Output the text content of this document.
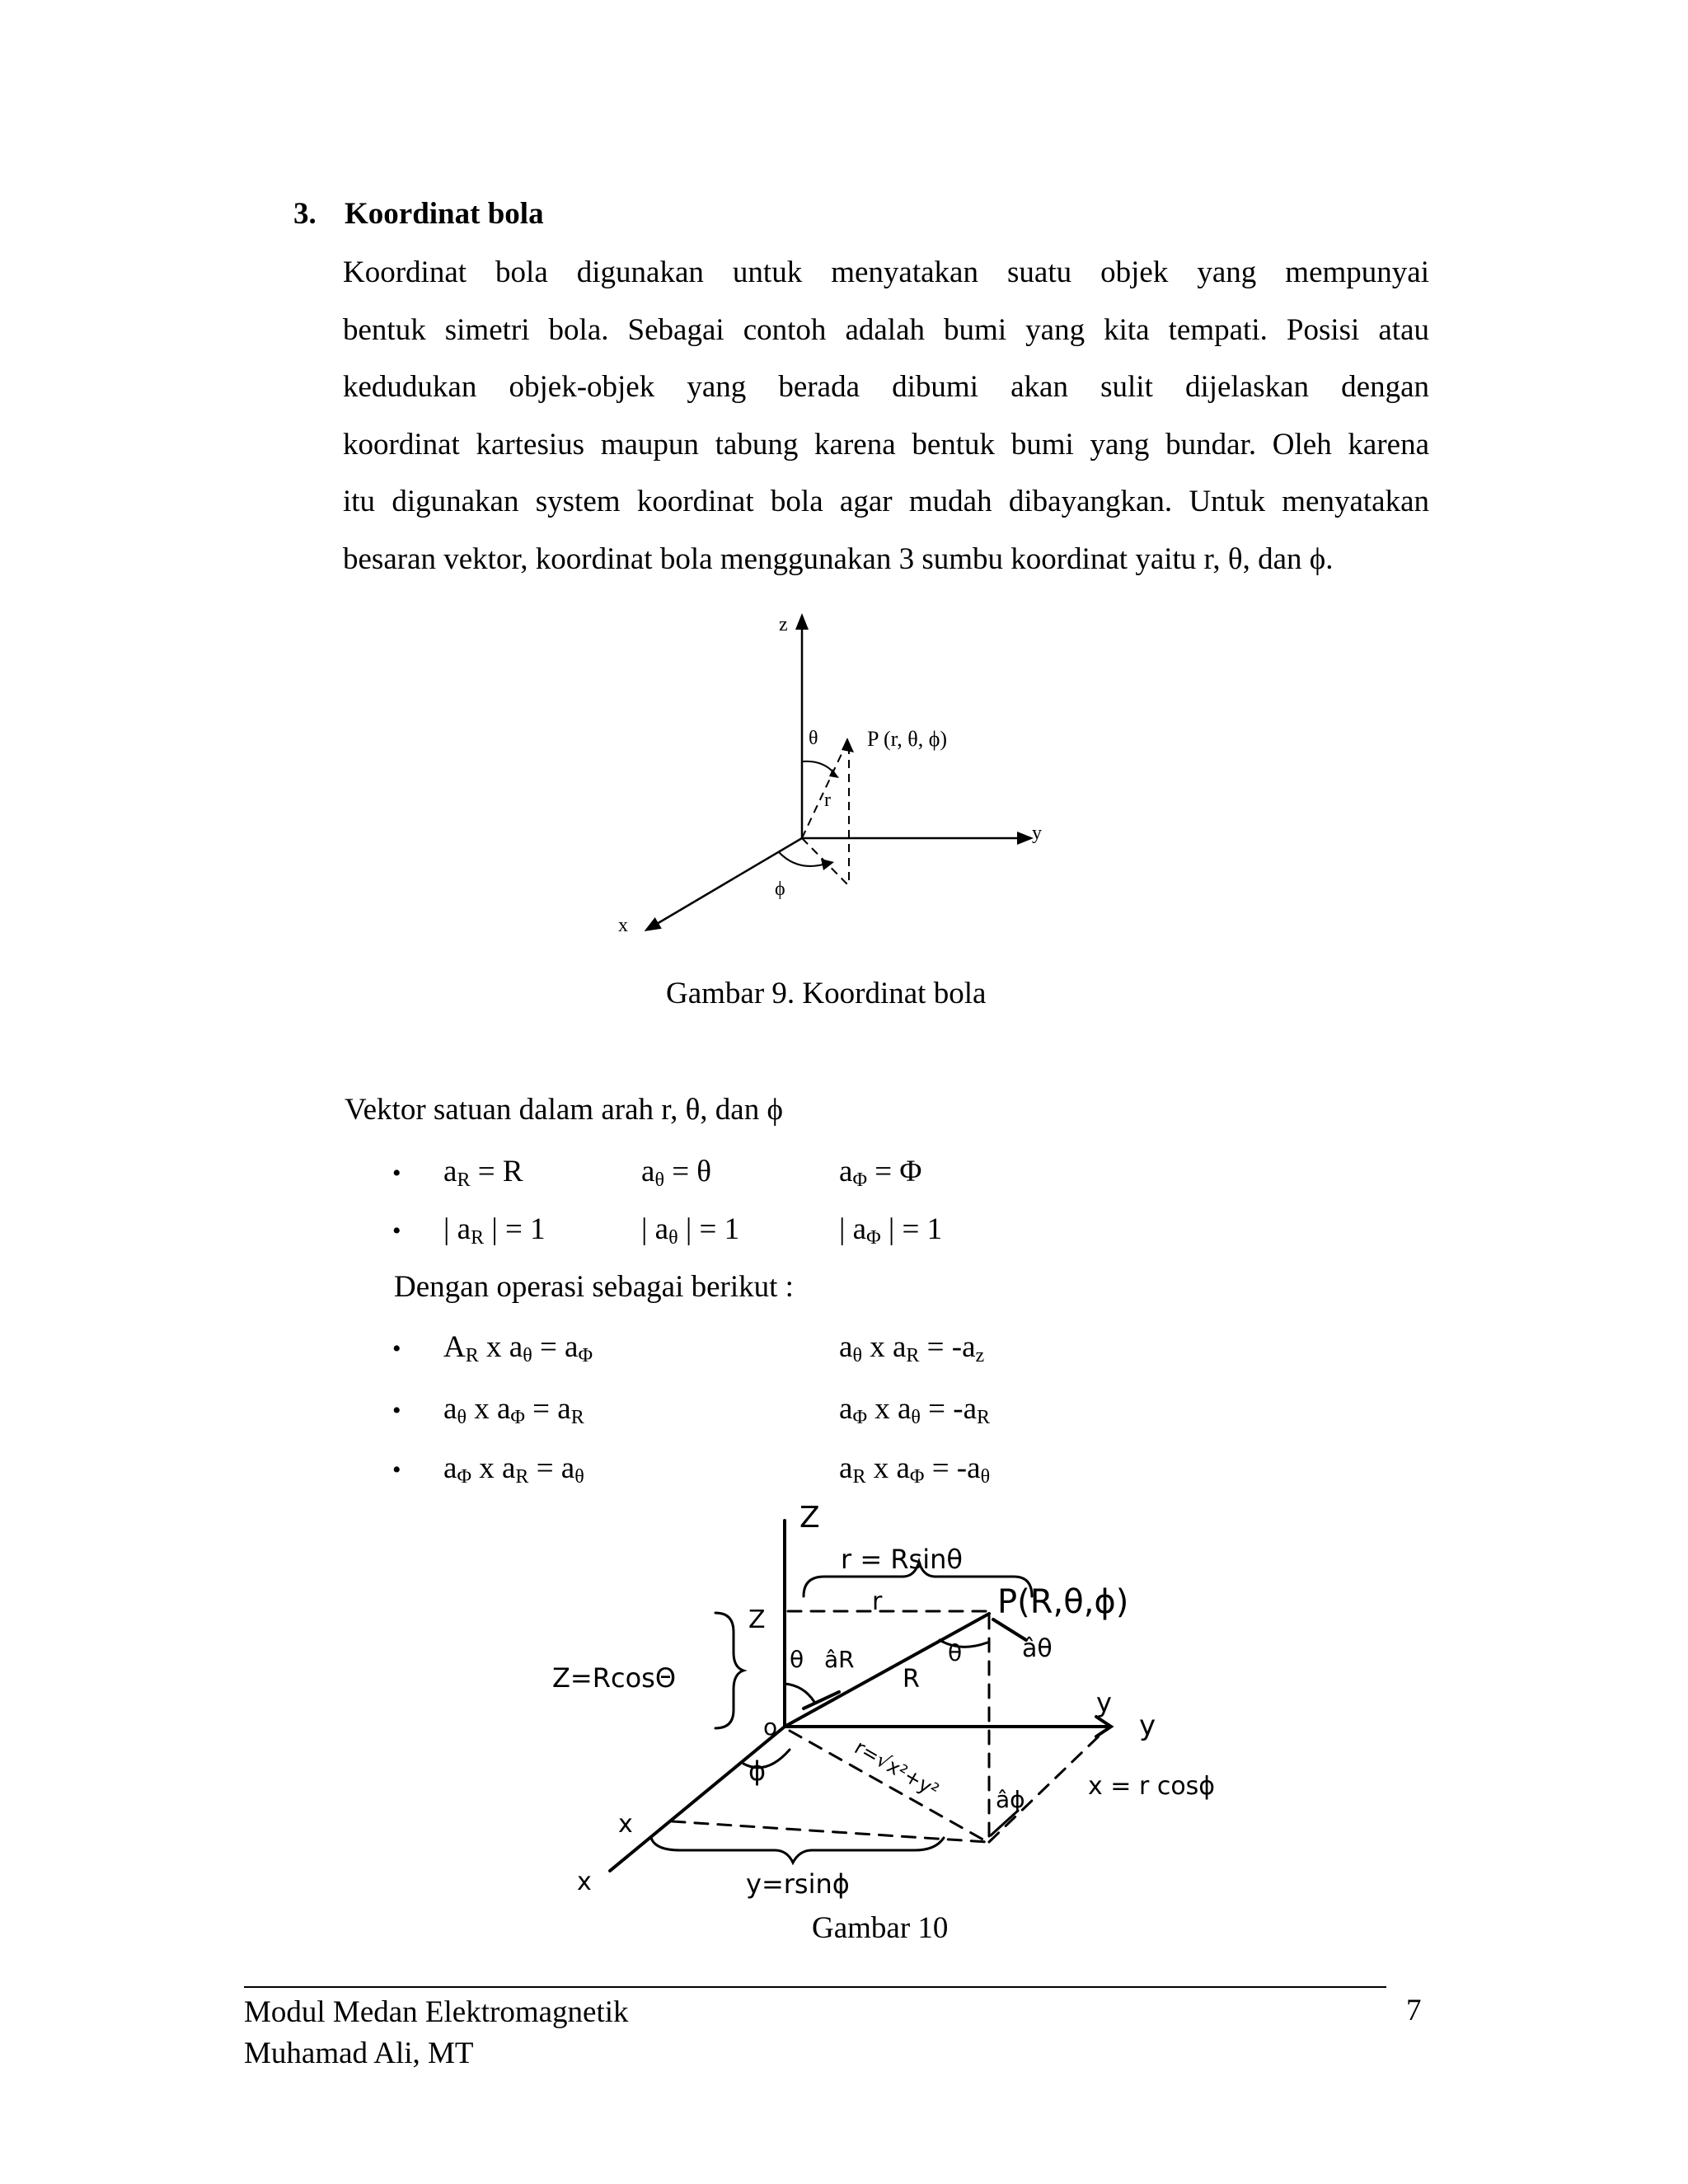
3. Koordinat bola
Koordinat bola digunakan untuk menyatakan suatu objek yang mempunyai
bentuk simetri bola. Sebagai contoh adalah bumi yang kita tempati. Posisi atau
kedudukan objek-objek yang berada dibumi akan sulit dijelaskan dengan
koordinat kartesius maupun tabung karena bentuk bumi yang bundar. Oleh karena
itu digunakan system koordinat bola agar mudah dibayangkan. Untuk menyatakan
besaran vektor, koordinat bola menggunakan 3 sumbu koordinat yaitu r, θ, dan ϕ.
z
y
x
θ
r
ϕ
P (r, θ, ϕ)
Gambar 9. Koordinat bola
Vektor satuan dalam arah r, θ, dan ϕ
• $a_R = R$	$a_\theta = \theta$	$a_\Phi = \Phi$
• | $a_R$ | = 1	| $a_\theta$ | = 1	| $a_\Phi$ | = 1
Dengan operasi sebagai berikut :
• $A_R$ x $a_\theta = a_\Phi$	$a_\theta$ x $a_R = -a_z$
• $a_\theta$ x $a_\Phi = a_R$	$a_\Phi$ x $a_\theta = -a_R$
• $a_\Phi$ x $a_R = a_\theta$	$a_R$ x $a_\Phi = -a_\theta$
Z
r = Rsinθ
r
Z	P(R,θ,ϕ)
âθ
θ âR	θ
R
Z=RcosΘ
o
y
y
ϕ	r=√x²+y² âϕ	x = r cosϕ
x
x	y=rsinϕ
Gambar 10
Modul Medan Elektromagnetik
Muhamad Ali, MT
7
